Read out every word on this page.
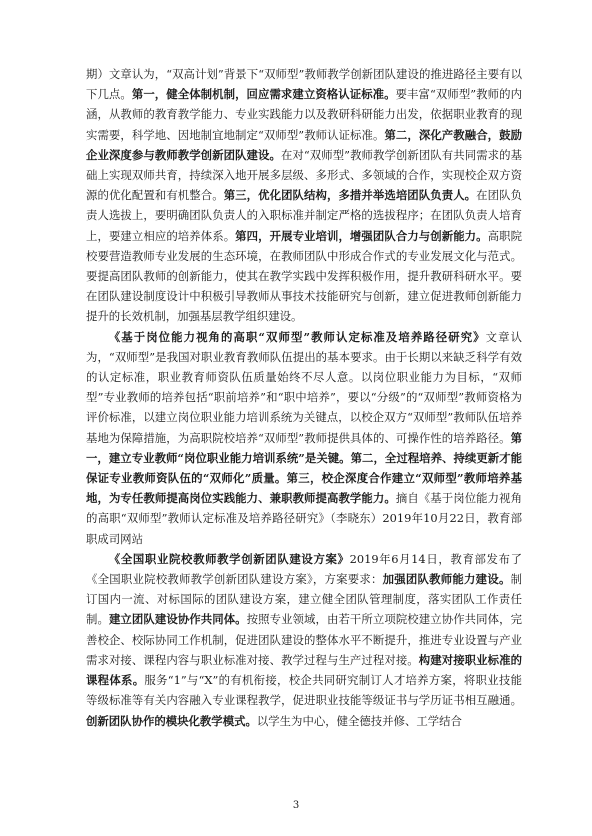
期）文章认为，“双高计划”背景下“双师型”教师教学创新团队建设的推进路径主要有以下几点。第一，健全体制机制，回应需求建立资格认证标准。要丰富“双师型”教师的内涵，从教师的教育教学能力、专业实践能力以及教研科研能力出发，依据职业教育的现实需要，科学地、因地制宜地制定“双师型”教师认证标准。第二，深化产教融合，鼓励企业深度参与教师教学创新团队建设。在对“双师型”教师教学创新团队有共同需求的基础上实现双师共育，持续深入地开展多层级、多形式、多领域的合作，实现校企双方资源的优化配置和有机整合。第三，优化团队结构，多措并举选培团队负责人。在团队负责人选拔上，要明确团队负责人的入职标准并制定严格的选拔程序；在团队负责人培育上，要建立相应的培养体系。第四，开展专业培训，增强团队合力与创新能力。高职院校要营造教师专业发展的生态环境，在教师团队中形成合作式的专业发展文化与范式。要提高团队教师的创新能力，使其在教学实践中发挥积极作用，提升教研科研水平。要在团队建设制度设计中积极引导教师从事技术技能研究与创新，建立促进教师创新能力提升的长效机制，加强基层教学组织建设。

《基于岗位能力视角的高职“双师型”教师认定标准及培养路径研究》文章认为，“双师型”是我国对职业教育教师队伍提出的基本要求。由于长期以来缺乏科学有效的认定标准，职业教育师资队伍质量始终不尽人意。以岗位职业能力为目标，“双师型”专业教师的培养包括“职前培养”和“职中培养”，要以“分级”的“双师型”教师资格为评价标准，以建立岗位职业能力培训系统为关键点，以校企双方“双师型”教师队伍培养基地为保障措施，为高职院校培养“双师型”教师提供具体的、可操作性的培养路径。第一，建立专业教师“岗位职业能力培训系统”是关键。第二，全过程培养、持续更新才能保证专业教师资队伍的“双师化”质量。第三，校企深度合作建立“双师型”教师培养基地，为专任教师提高岗位实践能力、兼职教师提高教学能力。摘自《基于岗位能力视角的高职“双师型”教师认定标准及培养路径研究》（李晓东）2019年10月22日，教育部职成司网站

《全国职业院校教师教学创新团队建设方案》2019年6月14日，教育部发布了《全国职业院校教师教学创新团队建设方案》，方案要求：加强团队教师能力建设。制订国内一流、对标国际的团队建设方案，建立健全团队管理制度，落实团队工作责任制。建立团队建设协作共同体。按照专业领域，由若干所立项院校建立协作共同体，完善校企、校际协同工作机制，促进团队建设的整体水平不断提升，推进专业设置与产业需求对接、课程内容与职业标准对接、教学过程与生产过程对接。构建对接职业标准的课程体系。服务“1”与“X”的有机衔接，校企共同研究制订人才培养方案，将职业技能等级标准等有关内容融入专业课程教学，促进职业技能等级证书与学历证书相互融通。创新团队协作的模块化教学模式。以学生为中心，健全德技并修、工学结合

3
